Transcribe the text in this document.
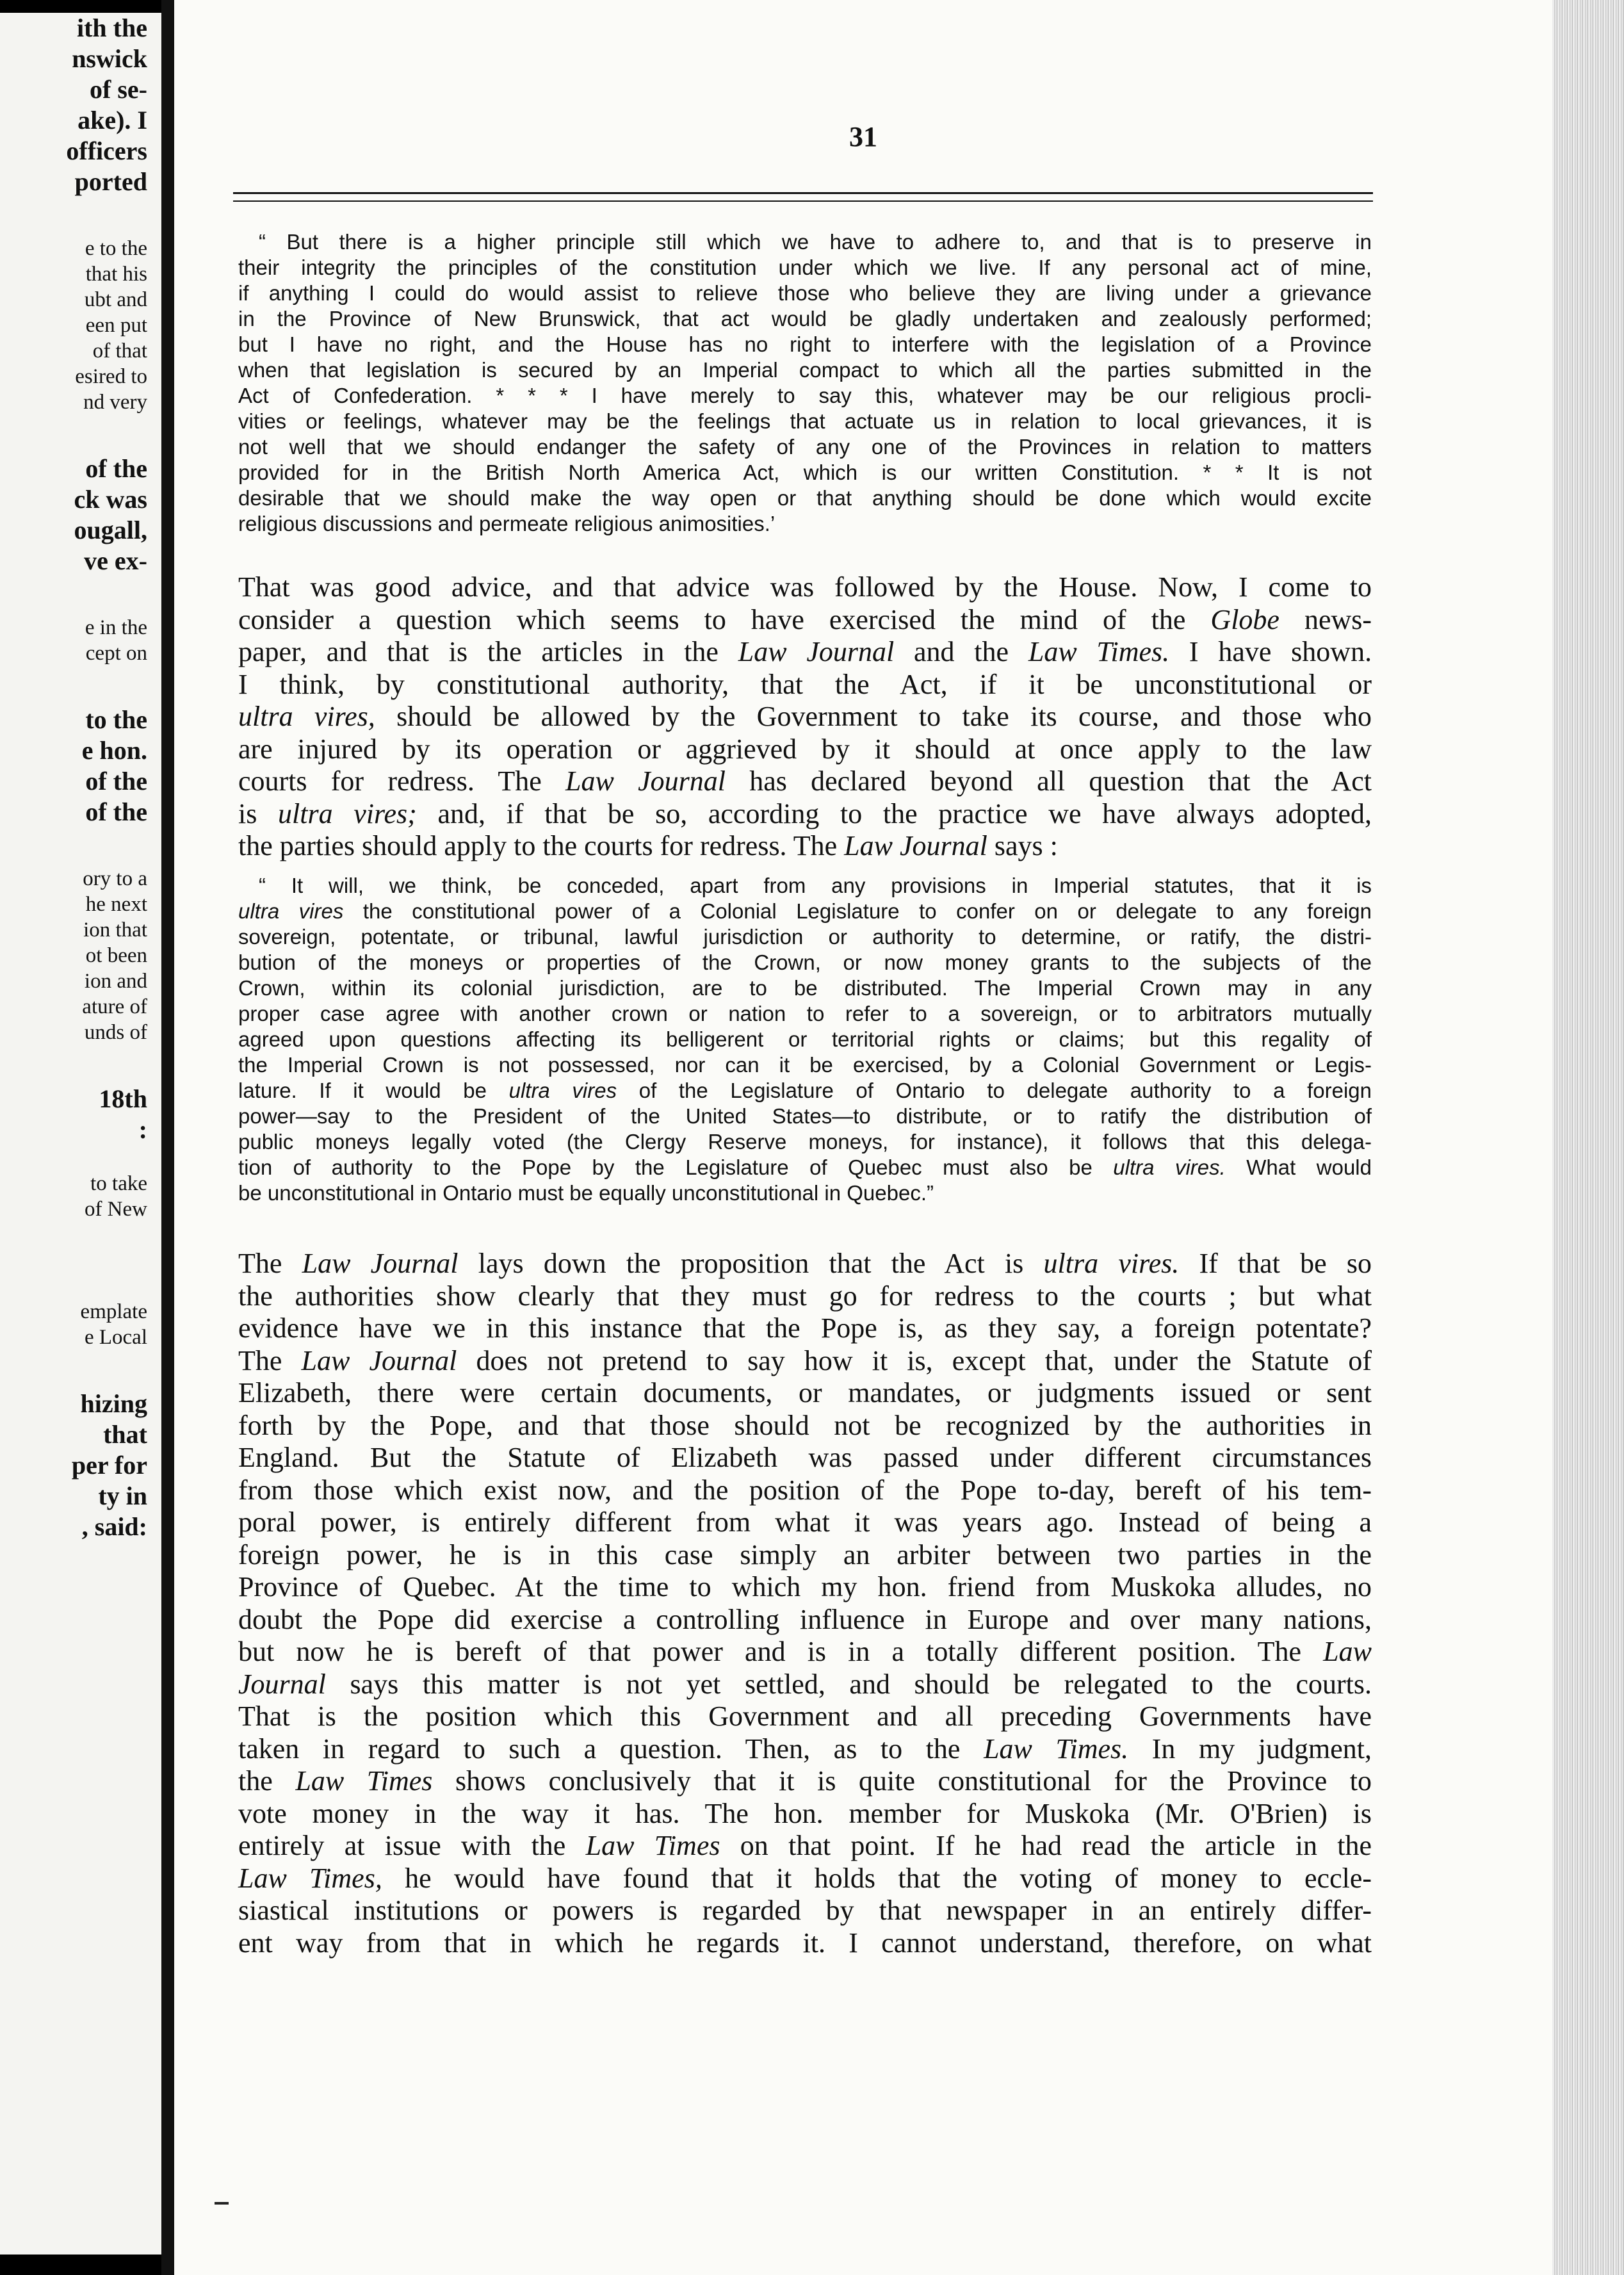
ith the
nswick
of se-
ake). I
officers
ported
e to the
that his
ubt and
een put
of that
esired to
nd very
of the
ck was
ougall,
ve ex-
e in the
cept on
to the
e hon.
of the
of the
ory to a
he next
ion that
ot been
ion and
ature of
unds of
18th
:
to take
of New
emplate
e Local
hizing
that
per for
ty in
, said:
31
“ But there is a higher principle still which we have to adhere to, and that is to preserve in
their integrity the principles of the constitution under which we live. If any personal act of mine,
if anything I could do would assist to relieve those who believe they are living under a grievance
in the Province of New Brunswick, that act would be gladly undertaken and zealously performed;
but I have no right, and the House has no right to interfere with the legislation of a Province
when that legislation is secured by an Imperial compact to which all the parties submitted in the
Act of Confederation. * * * I have merely to say this, whatever may be our religious procli-
vities or feelings, whatever may be the feelings that actuate us in relation to local grievances, it is
not well that we should endanger the safety of any one of the Provinces in relation to matters
provided for in the British North America Act, which is our written Constitution. * * It is not
desirable that we should make the way open or that anything should be done which would excite
religious discussions and permeate religious animosities.’
That was good advice, and that advice was followed by the House. Now, I come to
consider a question which seems to have exercised the mind of the Globe news-
paper, and that is the articles in the Law Journal and the Law Times. I have shown.
I think, by constitutional authority, that the Act, if it be unconstitutional or
ultra vires, should be allowed by the Government to take its course, and those who
are injured by its operation or aggrieved by it should at once apply to the law
courts for redress. The Law Journal has declared beyond all question that the Act
is ultra vires; and, if that be so, according to the practice we have always adopted,
the parties should apply to the courts for redress. The Law Journal says :
“ It will, we think, be conceded, apart from any provisions in Imperial statutes, that it is
ultra vires the constitutional power of a Colonial Legislature to confer on or delegate to any foreign
sovereign, potentate, or tribunal, lawful jurisdiction or authority to determine, or ratify, the distri-
bution of the moneys or properties of the Crown, or now money grants to the subjects of the
Crown, within its colonial jurisdiction, are to be distributed. The Imperial Crown may in any
proper case agree with another crown or nation to refer to a sovereign, or to arbitrators mutually
agreed upon questions affecting its belligerent or territorial rights or claims; but this regality of
the Imperial Crown is not possessed, nor can it be exercised, by a Colonial Government or Legis-
lature. If it would be ultra vires of the Legislature of Ontario to delegate authority to a foreign
power—say to the President of the United States—to distribute, or to ratify the distribution of
public moneys legally voted (the Clergy Reserve moneys, for instance), it follows that this delega-
tion of authority to the Pope by the Legislature of Quebec must also be ultra vires. What would
be unconstitutional in Ontario must be equally unconstitutional in Quebec.”
The Law Journal lays down the proposition that the Act is ultra vires. If that be so
the authorities show clearly that they must go for redress to the courts ; but what
evidence have we in this instance that the Pope is, as they say, a foreign potentate?
The Law Journal does not pretend to say how it is, except that, under the Statute of
Elizabeth, there were certain documents, or mandates, or judgments issued or sent
forth by the Pope, and that those should not be recognized by the authorities in
England. But the Statute of Elizabeth was passed under different circumstances
from those which exist now, and the position of the Pope to-day, bereft of his tem-
poral power, is entirely different from what it was years ago. Instead of being a
foreign power, he is in this case simply an arbiter between two parties in the
Province of Quebec. At the time to which my hon. friend from Muskoka alludes, no
doubt the Pope did exercise a controlling influence in Europe and over many nations,
but now he is bereft of that power and is in a totally different position. The Law
Journal says this matter is not yet settled, and should be relegated to the courts.
That is the position which this Government and all preceding Governments have
taken in regard to such a question. Then, as to the Law Times. In my judgment,
the Law Times shows conclusively that it is quite constitutional for the Province to
vote money in the way it has. The hon. member for Muskoka (Mr. O'Brien) is
entirely at issue with the Law Times on that point. If he had read the article in the
Law Times, he would have found that it holds that the voting of money to eccle-
siastical institutions or powers is regarded by that newspaper in an entirely differ-
ent way from that in which he regards it. I cannot understand, therefore, on what
